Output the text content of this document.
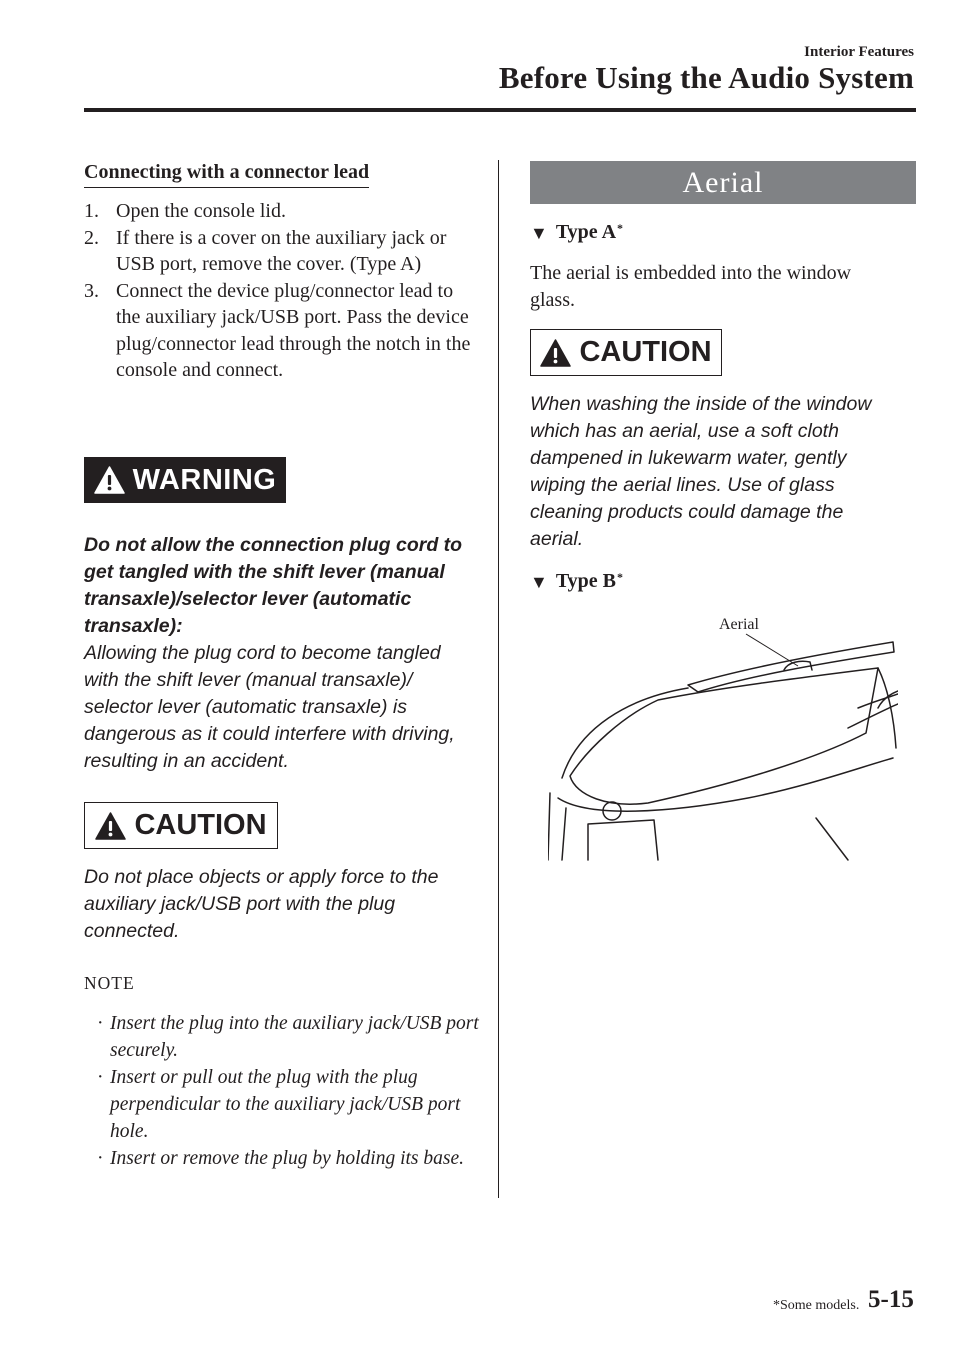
Interior Features
Before Using the Audio System
Connecting with a connector lead
1. Open the console lid.
2. If there is a cover on the auxiliary jack or USB port, remove the cover. (Type A)
3. Connect the device plug/connector lead to the auxiliary jack/USB port. Pass the device plug/connector lead through the notch in the console and connect.
WARNING
Do not allow the connection plug cord to get tangled with the shift lever (manual transaxle)/selector lever (automatic transaxle):
Allowing the plug cord to become tangled with the shift lever (manual transaxle)/ selector lever (automatic transaxle) is dangerous as it could interfere with driving, resulting in an accident.
CAUTION
Do not place objects or apply force to the auxiliary jack/USB port with the plug connected.
NOTE
· Insert the plug into the auxiliary jack/USB port securely.
· Insert or pull out the plug with the plug perpendicular to the auxiliary jack/USB port hole.
· Insert or remove the plug by holding its base.
Aerial
▼ Type A*
The aerial is embedded into the window glass.
CAUTION
When washing the inside of the window which has an aerial, use a soft cloth dampened in lukewarm water, gently wiping the aerial lines. Use of glass cleaning products could damage the aerial.
▼ Type B*
Aerial
*Some models. 5-15
